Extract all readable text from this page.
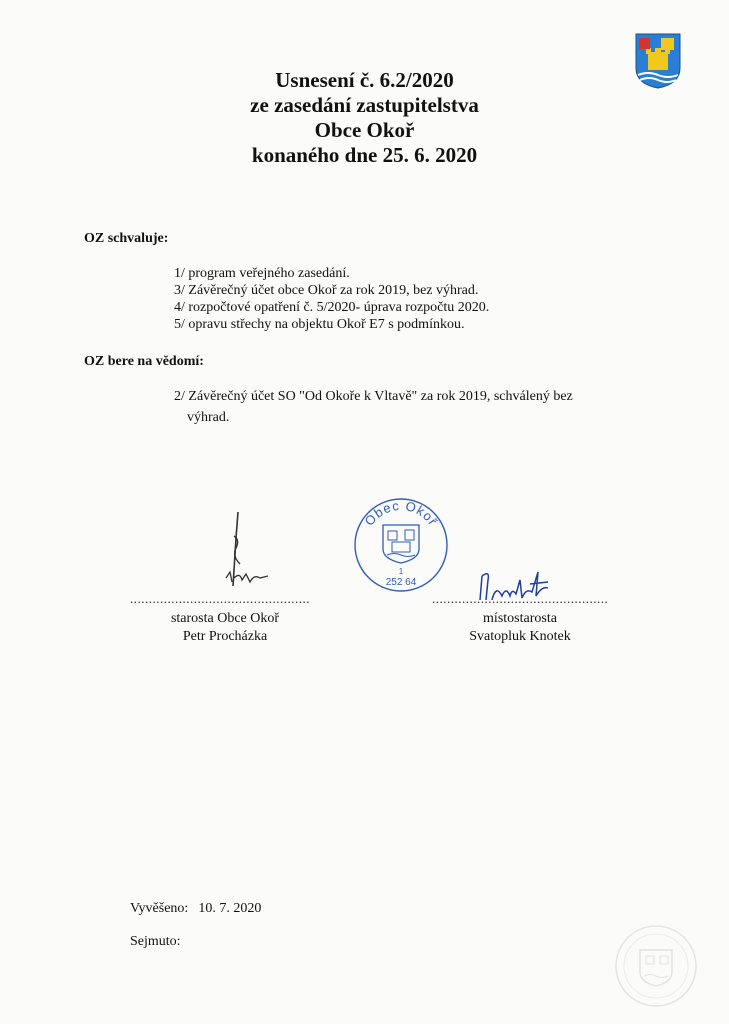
Usnesení č. 6.2/2020
ze zasedání zastupitelstva
Obce Okoř
konaného dne 25. 6. 2020
OZ schvaluje:
1/ program veřejného zasedání.
3/ Závěrečný účet obce Okoř za rok 2019, bez výhrad.
4/ rozpočtové opatření č. 5/2020- úprava rozpočtu 2020.
5/ opravu střechy na objektu Okoř E7 s podmínkou.
OZ bere na vědomí:
2/ Závěrečný účet SO "Od Okoře k Vltavě" za rok 2019, schválený bez
výhrad.
Obec Okoř
1
252 64
................................................	...............................................
starosta Obce Okoř
Petr Procházka
místostarosta
Svatopluk Knotek
Vyvěšeno: 10. 7. 2020
Sejmuto:
